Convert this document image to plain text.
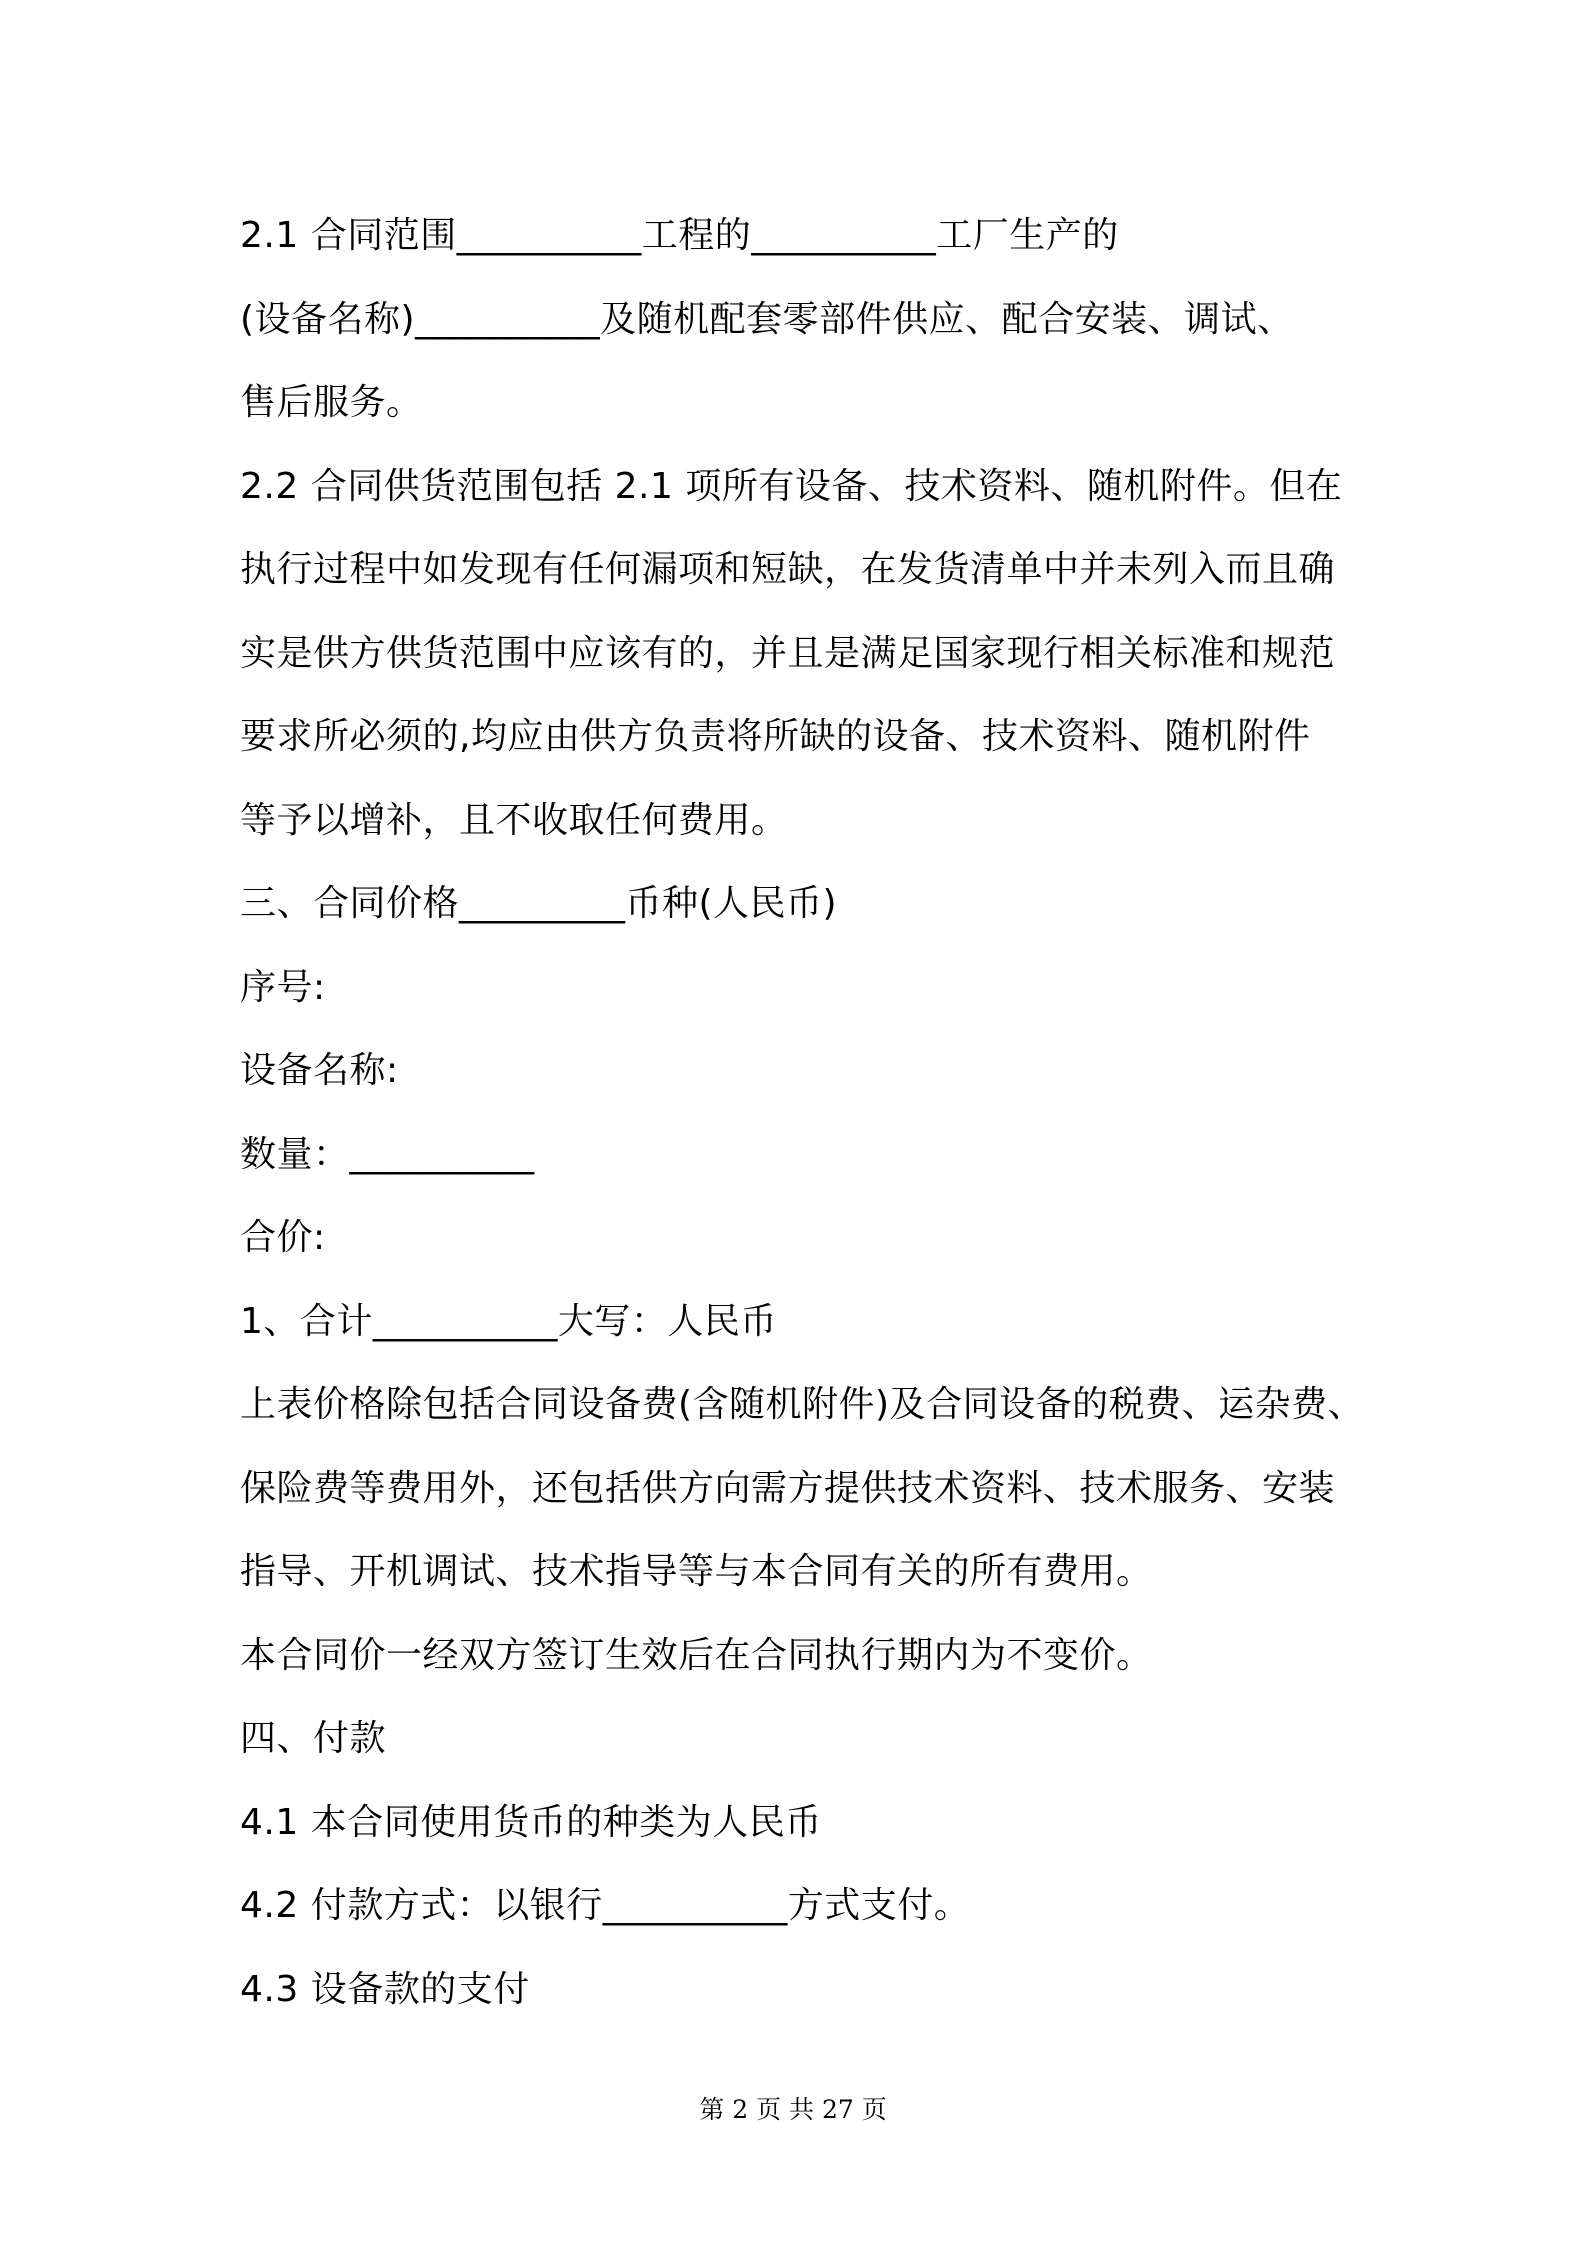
2.1 合同范围__________工程的__________工厂生产的
(设备名称)__________及随机配套零部件供应、配合安装、调试、
售后服务。
2.2 合同供货范围包括 2.1 项所有设备、技术资料、随机附件。但在
执行过程中如发现有任何漏项和短缺，在发货清单中并未列入而且确
实是供方供货范围中应该有的，并且是满足国家现行相关标准和规范
要求所必须的,均应由供方负责将所缺的设备、技术资料、随机附件
等予以增补，且不收取任何费用。
三、合同价格_________币种(人民币)
序号:
设备名称:
数量：__________
合价:
1、合计__________大写：人民币
上表价格除包括合同设备费(含随机附件)及合同设备的税费、运杂费、
保险费等费用外，还包括供方向需方提供技术资料、技术服务、安装
指导、开机调试、技术指导等与本合同有关的所有费用。
本合同价一经双方签订生效后在合同执行期内为不变价。
四、付款
4.1 本合同使用货币的种类为人民币
4.2 付款方式：以银行__________方式支付。
4.3 设备款的支付
第 2 页 共 27 页
